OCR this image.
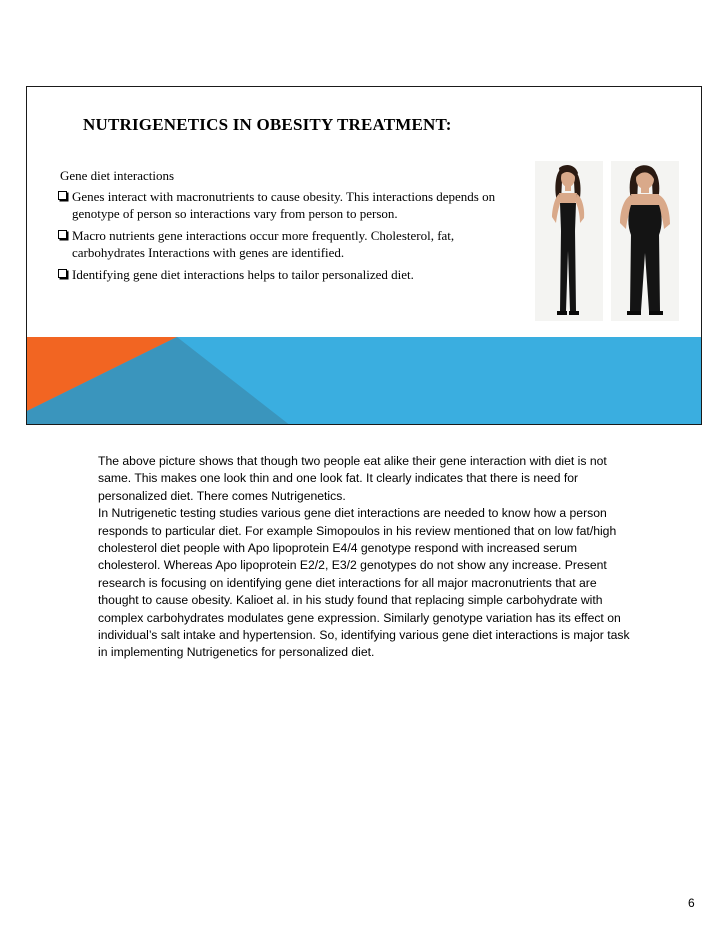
NUTRIGENETICS IN OBESITY TREATMENT:
Gene diet interactions
Genes interact with macronutrients to cause obesity. This interactions depends on genotype of person so interactions vary from person to person.
Macro nutrients gene interactions occur more frequently. Cholesterol, fat, carbohydrates Interactions with genes are identified.
Identifying gene diet interactions helps to tailor personalized diet.

The above picture shows that though two people eat alike their gene interaction with diet is not same. This makes one look thin and one look fat. It clearly indicates that there is need for personalized diet. There comes Nutrigenetics.

In Nutrigenetic testing studies various gene diet interactions are needed to know how a person responds to particular diet. For example Simopoulos in his review mentioned that on low fat/high cholesterol diet people with Apo lipoprotein E4/4 genotype respond with increased serum cholesterol. Whereas Apo lipoprotein E2/2, E3/2 genotypes do not show any increase. Present research is focusing on identifying gene diet interactions for all major macronutrients that are thought to cause obesity. Kalioet al. in his study found that replacing simple carbohydrate with complex carbohydrates modulates gene expression. Similarly genotype variation has its effect on individual’s salt intake and hypertension. So, identifying various gene diet interactions is major task in implementing Nutrigenetics for personalized diet.

6
